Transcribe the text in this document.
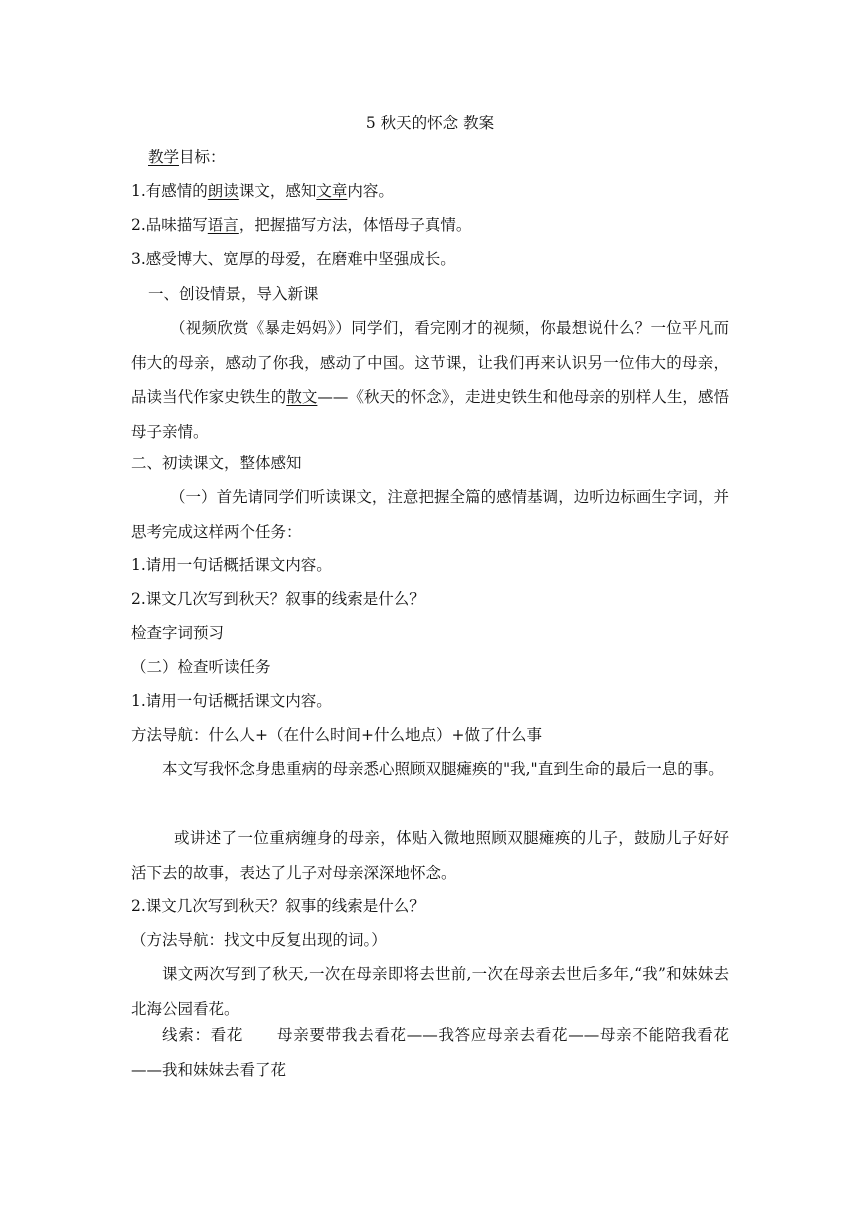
5 秋天的怀念 教案
教学目标：
1.有感情的朗读课文，感知文章内容。
2.品味描写语言，把握描写方法，体悟母子真情。
3.感受博大、宽厚的母爱，在磨难中坚强成长。
一、创设情景，导入新课
（视频欣赏《暴走妈妈》）同学们，看完刚才的视频，你最想说什么？一位平凡而伟大的母亲，感动了你我，感动了中国。这节课，让我们再来认识另一位伟大的母亲，品读当代作家史铁生的散文——《秋天的怀念》，走进史铁生和他母亲的别样人生，感悟母子亲情。
二、初读课文，整体感知
（一）首先请同学们听读课文，注意把握全篇的感情基调，边听边标画生字词，并思考完成这样两个任务：
1.请用一句话概括课文内容。
2.课文几次写到秋天？叙事的线索是什么？
检查字词预习
（二）检查听读任务
1.请用一句话概括课文内容。
方法导航：什么人+（在什么时间+什么地点）+做了什么事
本文写我怀念身患重病的母亲悉心照顾双腿瘫痪的"我,"直到生命的最后一息的事。
或讲述了一位重病缠身的母亲，体贴入微地照顾双腿瘫痪的儿子，鼓励儿子好好活下去的故事，表达了儿子对母亲深深地怀念。
2.课文几次写到秋天？叙事的线索是什么？
（方法导航：找文中反复出现的词。）
课文两次写到了秋天,一次在母亲即将去世前,一次在母亲去世后多年,“我”和妹妹去北海公园看花。
线索：看花      母亲要带我去看花——我答应母亲去看花——母亲不能陪我看花——我和妹妹去看了花
